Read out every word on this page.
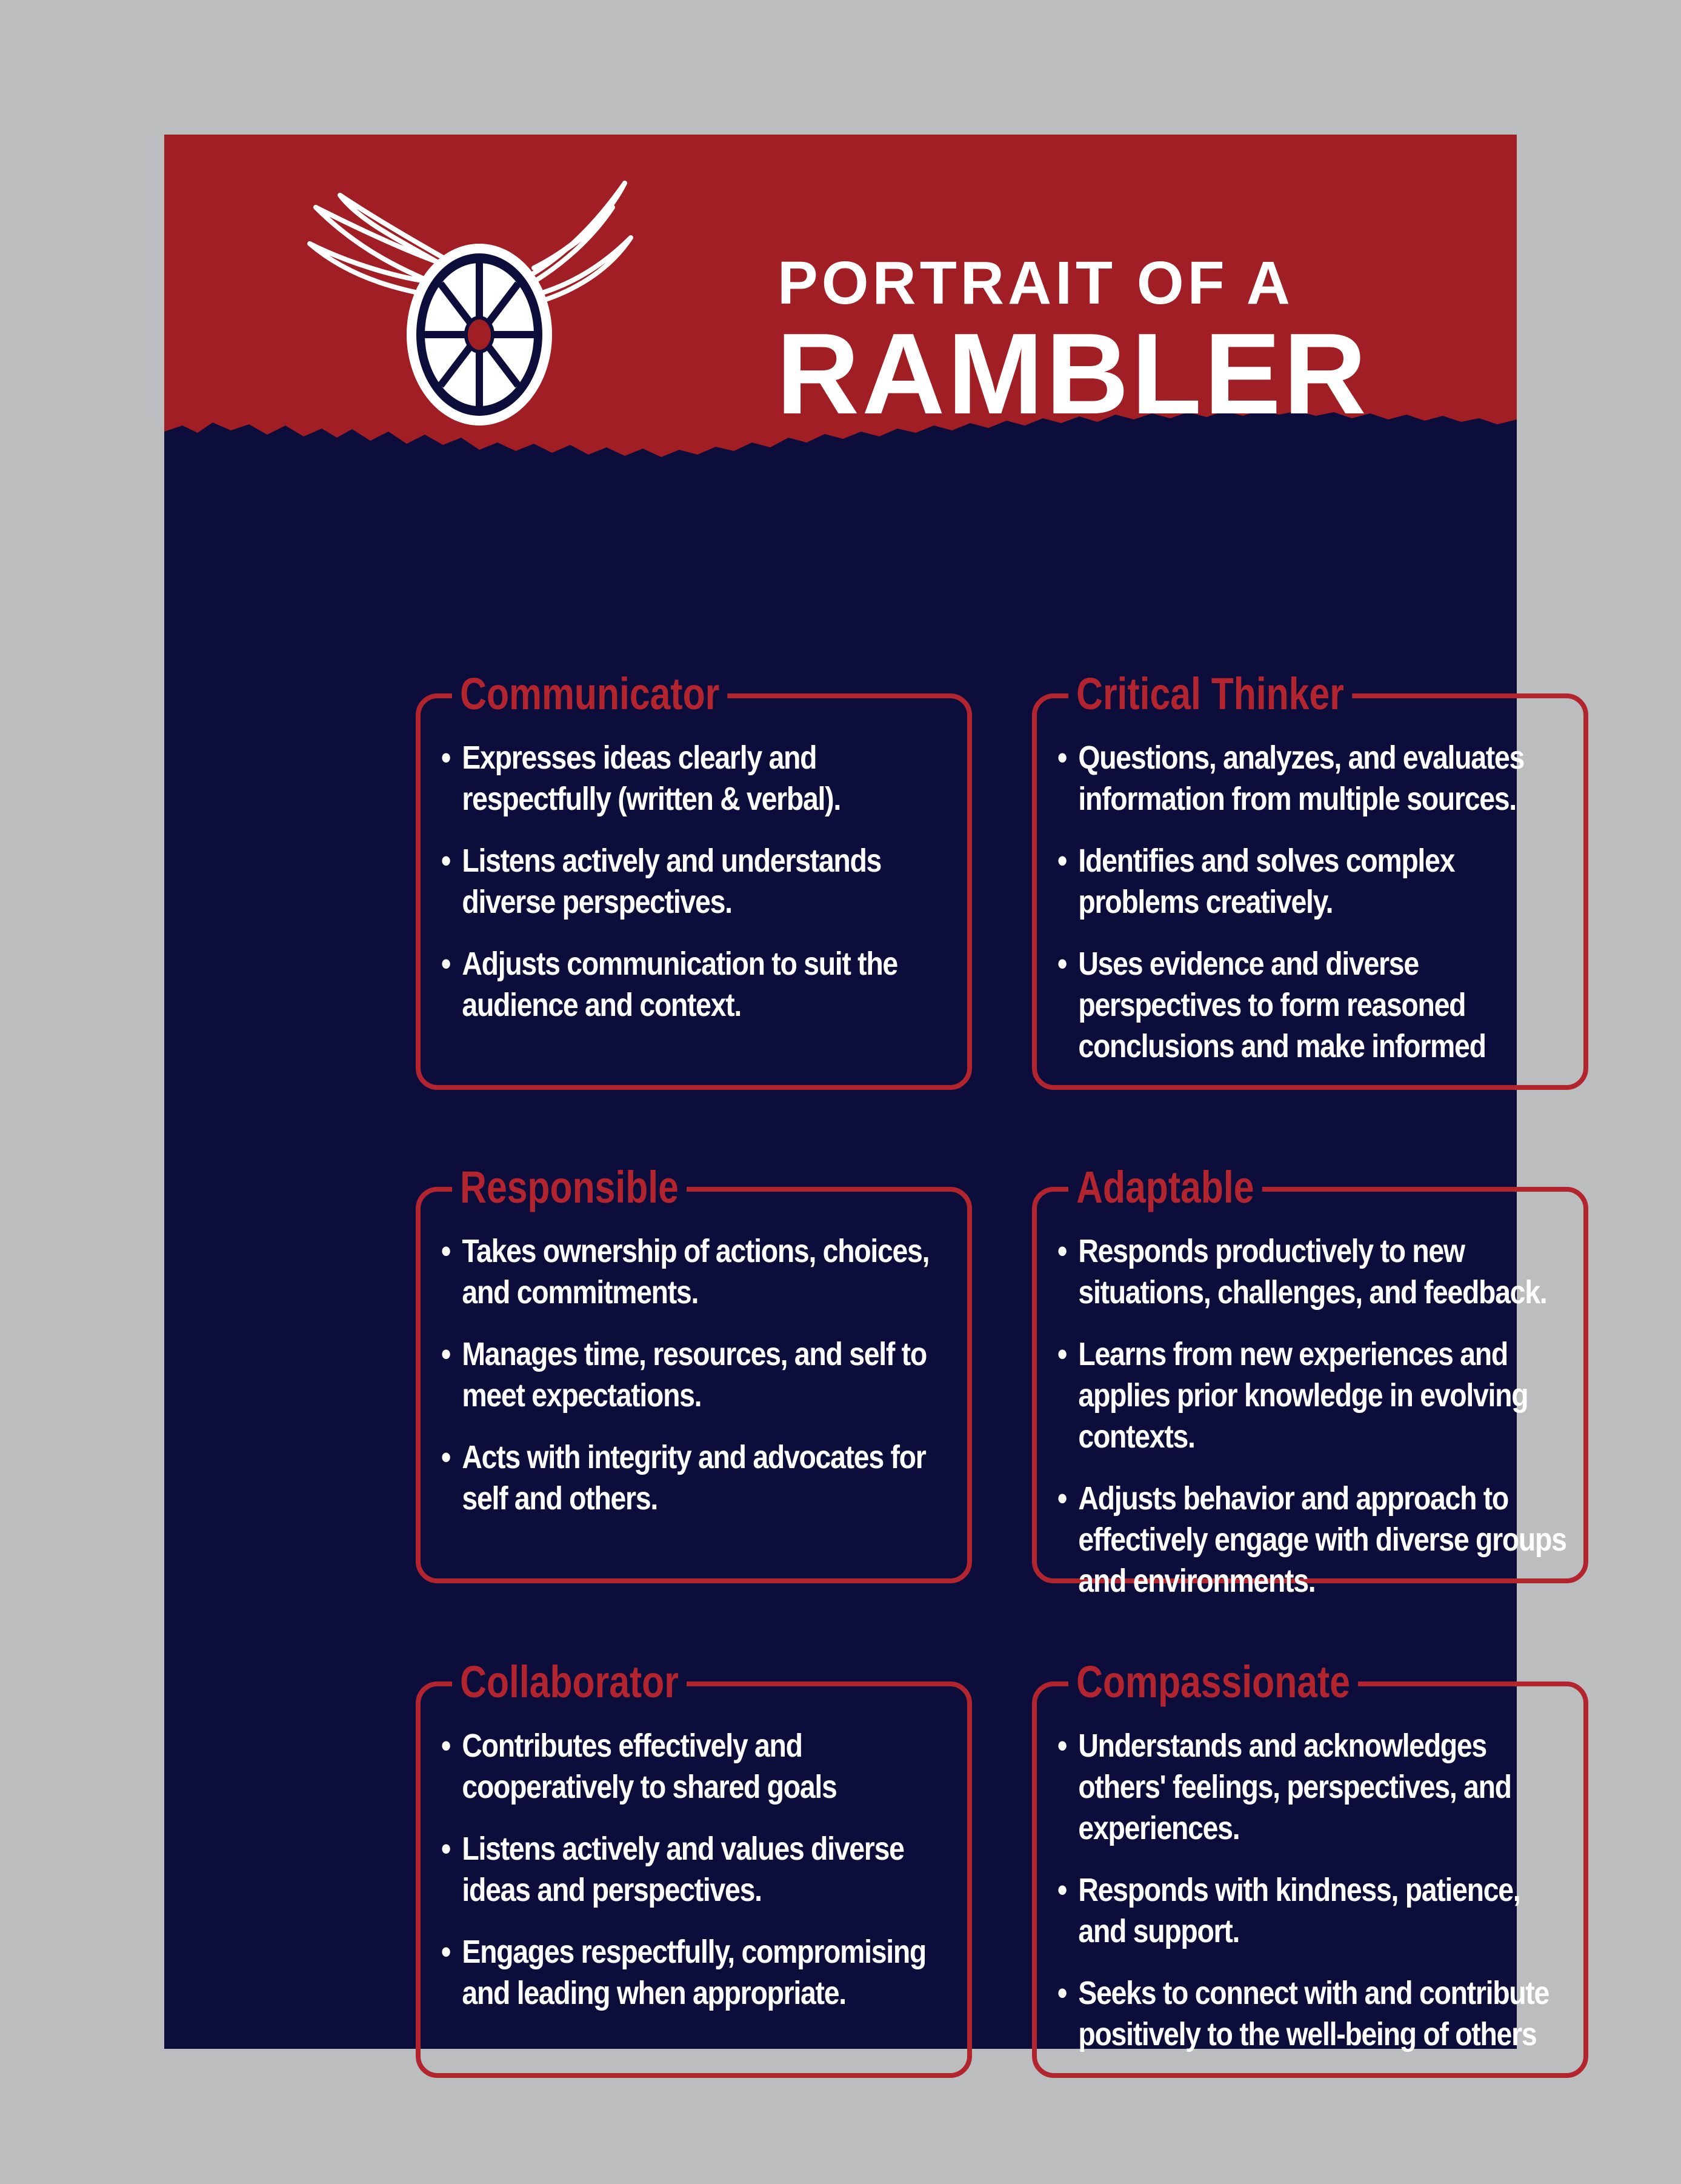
PORTRAIT OF A
RAMBLER
Communicator
• Expresses ideas clearly and respectfully (written & verbal).
• Listens actively and understands diverse perspectives.
• Adjusts communication to suit the audience and context.
Critical Thinker
• Questions, analyzes, and evaluates information from multiple sources.
• Identifies and solves complex problems creatively.
• Uses evidence and diverse perspectives to form reasoned conclusions and make informed
Responsible
• Takes ownership of actions, choices, and commitments.
• Manages time, resources, and self to meet expectations.
• Acts with integrity and advocates for self and others.
Adaptable
• Responds productively to new situations, challenges, and feedback.
• Learns from new experiences and applies prior knowledge in evolving contexts.
• Adjusts behavior and approach to effectively engage with diverse groups and environments.
Collaborator
• Contributes effectively and cooperatively to shared goals
• Listens actively and values diverse ideas and perspectives.
• Engages respectfully, compromising and leading when appropriate.
Compassionate
• Understands and acknowledges others' feelings, perspectives, and experiences.
• Responds with kindness, patience, and support.
• Seeks to connect with and contribute positively to the well-being of others
